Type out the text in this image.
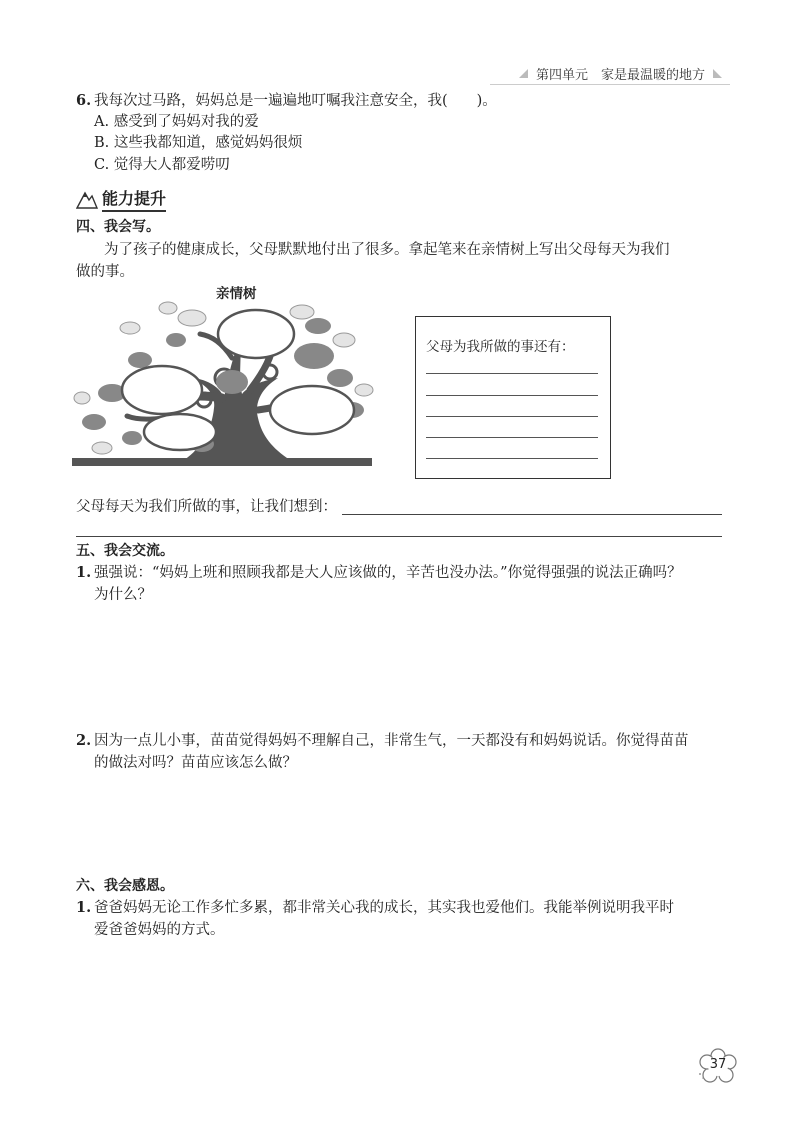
第四单元　家是最温暖的地方
6. 我每次过马路，妈妈总是一遍遍地叮嘱我注意安全，我(　　)。
A. 感受到了妈妈对我的爱
B. 这些我都知道，感觉妈妈很烦
C. 觉得大人都爱唠叨
能力提升
四、我会写。
为了孩子的健康成长，父母默默地付出了很多。拿起笔来在亲情树上写出父母每天为我们
做的事。
亲情树
父母为我所做的事还有：
父母每天为我们所做的事，让我们想到：
五、我会交流。
1. 强强说：“妈妈上班和照顾我都是大人应该做的，辛苦也没办法。”你觉得强强的说法正确吗？
为什么？
2. 因为一点儿小事，苗苗觉得妈妈不理解自己，非常生气，一天都没有和妈妈说话。你觉得苗苗
的做法对吗？苗苗应该怎么做？
六、我会感恩。
1. 爸爸妈妈无论工作多忙多累，都非常关心我的成长，其实我也爱他们。我能举例说明我平时
爱爸爸妈妈的方式。
37
